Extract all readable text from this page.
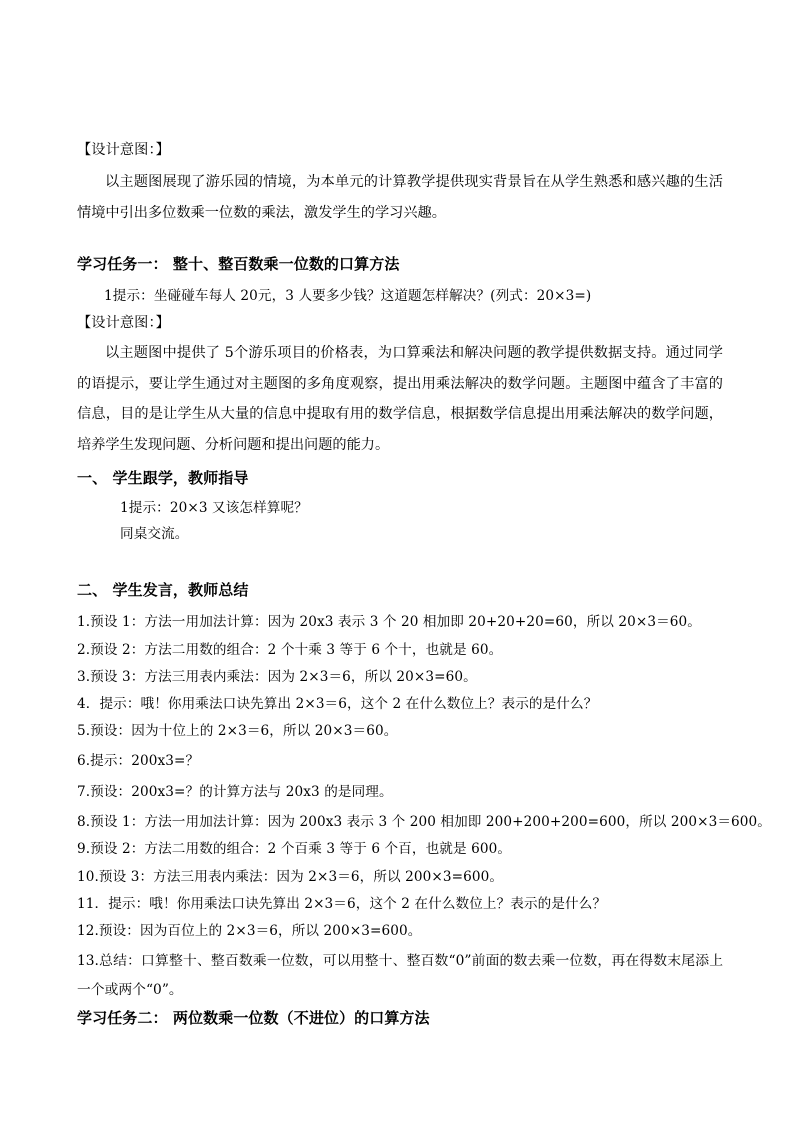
【设计意图：】
以主题图展现了游乐园的情境，为本单元的计算教学提供现实背景旨在从学生熟悉和感兴趣的生活情境中引出多位数乘一位数的乘法，激发学生的学习兴趣。
学习任务一： 整十、整百数乘一位数的口算方法
1提示：坐碰碰车每人 20元，3 人要多少钱？这道题怎样解决？(列式：20×3=)
【设计意图：】
以主题图中提供了 5个游乐项目的价格表，为口算乘法和解决问题的教学提供数据支持。通过同学的语提示，要让学生通过对主题图的多角度观察，提出用乘法解决的数学问题。主题图中蕴含了丰富的信息，目的是让学生从大量的信息中提取有用的数学信息，根据数学信息提出用乘法解决的数学问题，培养学生发现问题、分析问题和提出问题的能力。
一、 学生跟学，教师指导
1提示：20×3 又该怎样算呢？
同桌交流。
二、 学生发言，教师总结
1.预设 1：方法一用加法计算：因为 20x3 表示 3 个 20 相加即 20+20+20=60，所以 20×3＝60。
2.预设 2：方法二用数的组合：2 个十乘 3 等于 6 个十，也就是 60。
3.预设 3：方法三用表内乘法：因为 2×3＝6，所以 20×3=60。
4．提示：哦！你用乘法口诀先算出 2×3＝6，这个 2 在什么数位上？表示的是什么？
5.预设：因为十位上的 2×3＝6，所以 20×3＝60。
6.提示：200x3=？
7.预设：200x3=？的计算方法与 20x3 的是同理。
8.预设 1：方法一用加法计算：因为 200x3 表示 3 个 200 相加即 200+200+200=600，所以 200×3＝600。
9.预设 2：方法二用数的组合：2 个百乘 3 等于 6 个百，也就是 600。
10.预设 3：方法三用表内乘法：因为 2×3＝6，所以 200×3=600。
11．提示：哦！你用乘法口诀先算出 2×3＝6，这个 2 在什么数位上？表示的是什么？
12.预设：因为百位上的 2×3＝6，所以 200×3=600。
13.总结：口算整十、整百数乘一位数，可以用整十、整百数“0”前面的数去乘一位数，再在得数末尾添上一个或两个“0”。
学习任务二： 两位数乘一位数（不进位）的口算方法
